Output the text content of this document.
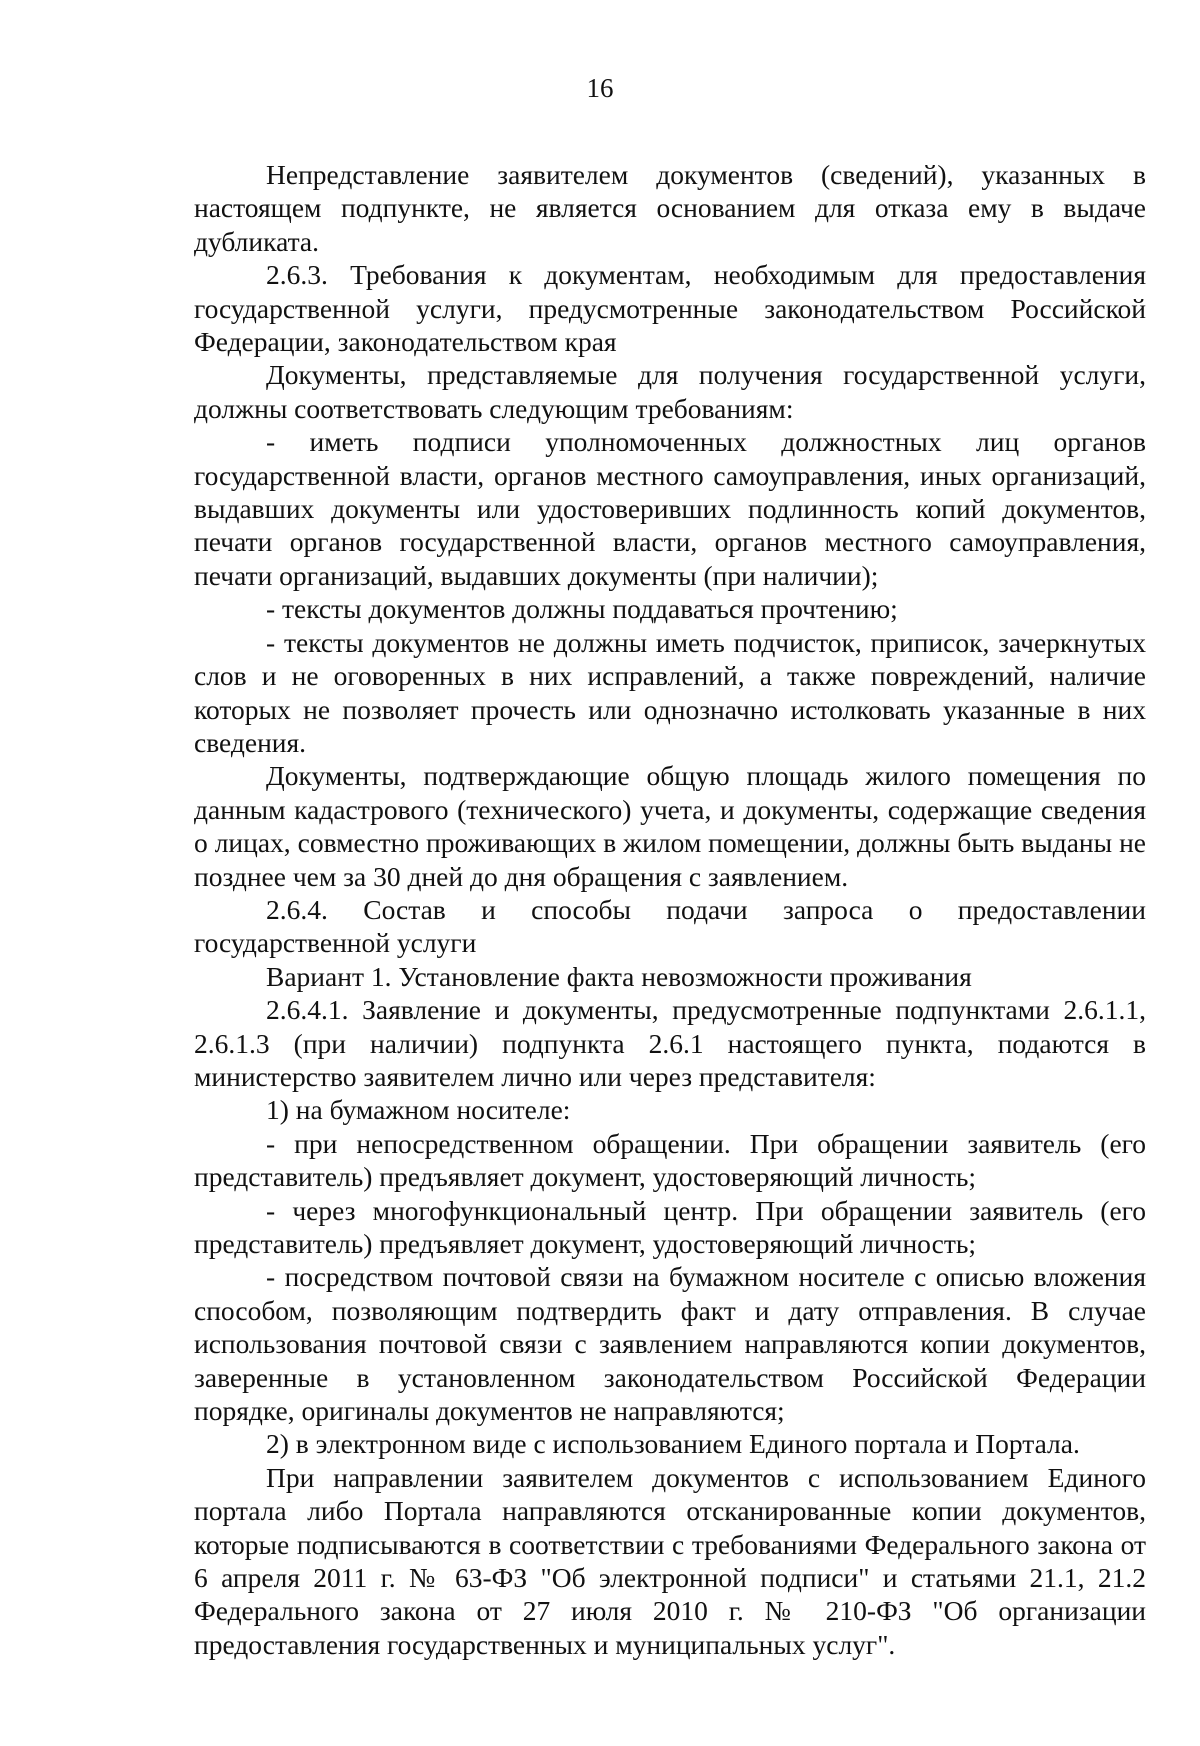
16

Непредставление заявителем документов (сведений), указанных в настоящем подпункте, не является основанием для отказа ему в выдаче дубликата.

2.6.3. Требования к документам, необходимым для предоставления государственной услуги, предусмотренные законодательством Российской Федерации, законодательством края

Документы, представляемые для получения государственной услуги, должны соответствовать следующим требованиям:

- иметь подписи уполномоченных должностных лиц органов государственной власти, органов местного самоуправления, иных организаций, выдавших документы или удостоверивших подлинность копий документов, печати органов государственной власти, органов местного самоуправления, печати организаций, выдавших документы (при наличии);

- тексты документов должны поддаваться прочтению;

- тексты документов не должны иметь подчисток, приписок, зачеркнутых слов и не оговоренных в них исправлений, а также повреждений, наличие которых не позволяет прочесть или однозначно истолковать указанные в них сведения.

Документы, подтверждающие общую площадь жилого помещения по данным кадастрового (технического) учета, и документы, содержащие сведения о лицах, совместно проживающих в жилом помещении, должны быть выданы не позднее чем за 30 дней до дня обращения с заявлением.

2.6.4. Состав и способы подачи запроса о предоставлении государственной услуги

Вариант 1. Установление факта невозможности проживания

2.6.4.1. Заявление и документы, предусмотренные подпунктами 2.6.1.1, 2.6.1.3 (при наличии) подпункта 2.6.1 настоящего пункта, подаются в министерство заявителем лично или через представителя:

1) на бумажном носителе:

- при непосредственном обращении. При обращении заявитель (его представитель) предъявляет документ, удостоверяющий личность;

- через многофункциональный центр. При обращении заявитель (его представитель) предъявляет документ, удостоверяющий личность;

- посредством почтовой связи на бумажном носителе с описью вложения способом, позволяющим подтвердить факт и дату отправления. В случае использования почтовой связи с заявлением направляются копии документов, заверенные в установленном законодательством Российской Федерации порядке, оригиналы документов не направляются;

2) в электронном виде с использованием Единого портала и Портала.

При направлении заявителем документов с использованием Единого портала либо Портала направляются отсканированные копии документов, которые подписываются в соответствии с требованиями Федерального закона от 6 апреля 2011 г. № 63-ФЗ "Об электронной подписи" и статьями 21.1, 21.2 Федерального закона от 27 июля 2010 г. № 210-ФЗ "Об организации предоставления государственных и муниципальных услуг".
